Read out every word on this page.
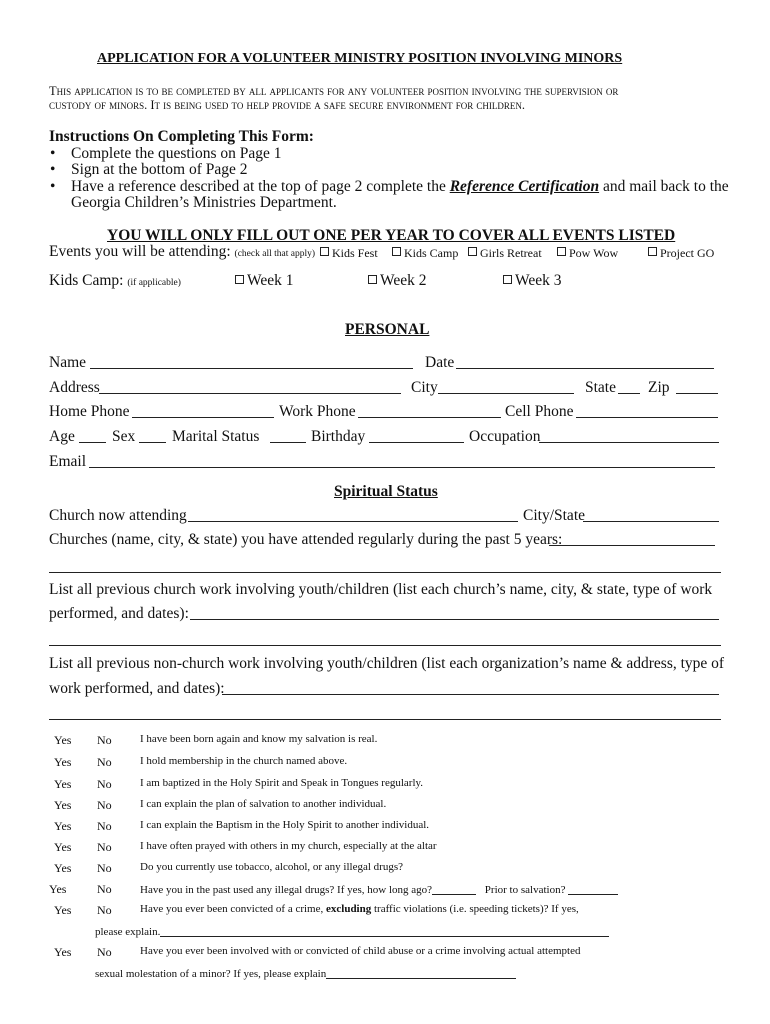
APPLICATION FOR A VOLUNTEER MINISTRY POSITION INVOLVING MINORS
This application is to be completed by all applicants for any volunteer position involving the supervision or
custody of minors. It is being used to help provide a safe secure environment for children.
Instructions On Completing This Form:
• Complete the questions on Page 1
• Sign at the bottom of Page 2
• Have a reference described at the top of page 2 complete the Reference Certification and mail back to the
Georgia Children’s Ministries Department.
YOU WILL ONLY FILL OUT ONE PER YEAR TO COVER ALL EVENTS LISTED
Events you will be attending: (check all that apply)	Kids Fest	Kids Camp	Girls Retreat	Pow Wow	Project GO
Kids Camp: (if applicable)	Week 1	Week 2	Week 3
PERSONAL
Name	Date
Address	City	State Zip
Home Phone	Work Phone	Cell Phone
Age Sex Marital Status	Birthday	Occupation
Email
Spiritual Status
Church now attending	City/State
Churches (name, city, & state) you have attended regularly during the past 5 years:
List all previous church work involving youth/children (list each church’s name, city, & state, type of work
performed, and dates):
List all previous non-church work involving youth/children (list each organization’s name & address, type of
work performed, and dates):
Yes No	I have been born again and know my salvation is real.
Yes No	I hold membership in the church named above.
Yes No	I am baptized in the Holy Spirit and Speak in Tongues regularly.
Yes No	I can explain the plan of salvation to another individual.
Yes No	I can explain the Baptism in the Holy Spirit to another individual.
Yes No	I have often prayed with others in my church, especially at the altar
Yes No	Do you currently use tobacco, alcohol, or any illegal drugs?
Yes	No	Have you in the past used any illegal drugs? If yes, how long ago?	Prior to salvation?
Yes No	Have you ever been convicted of a crime, excluding traffic violations (i.e. speeding tickets)? If yes,
please explain.
Yes No	Have you ever been involved with or convicted of child abuse or a crime involving actual attempted
sexual molestation of a minor? If yes, please explain
